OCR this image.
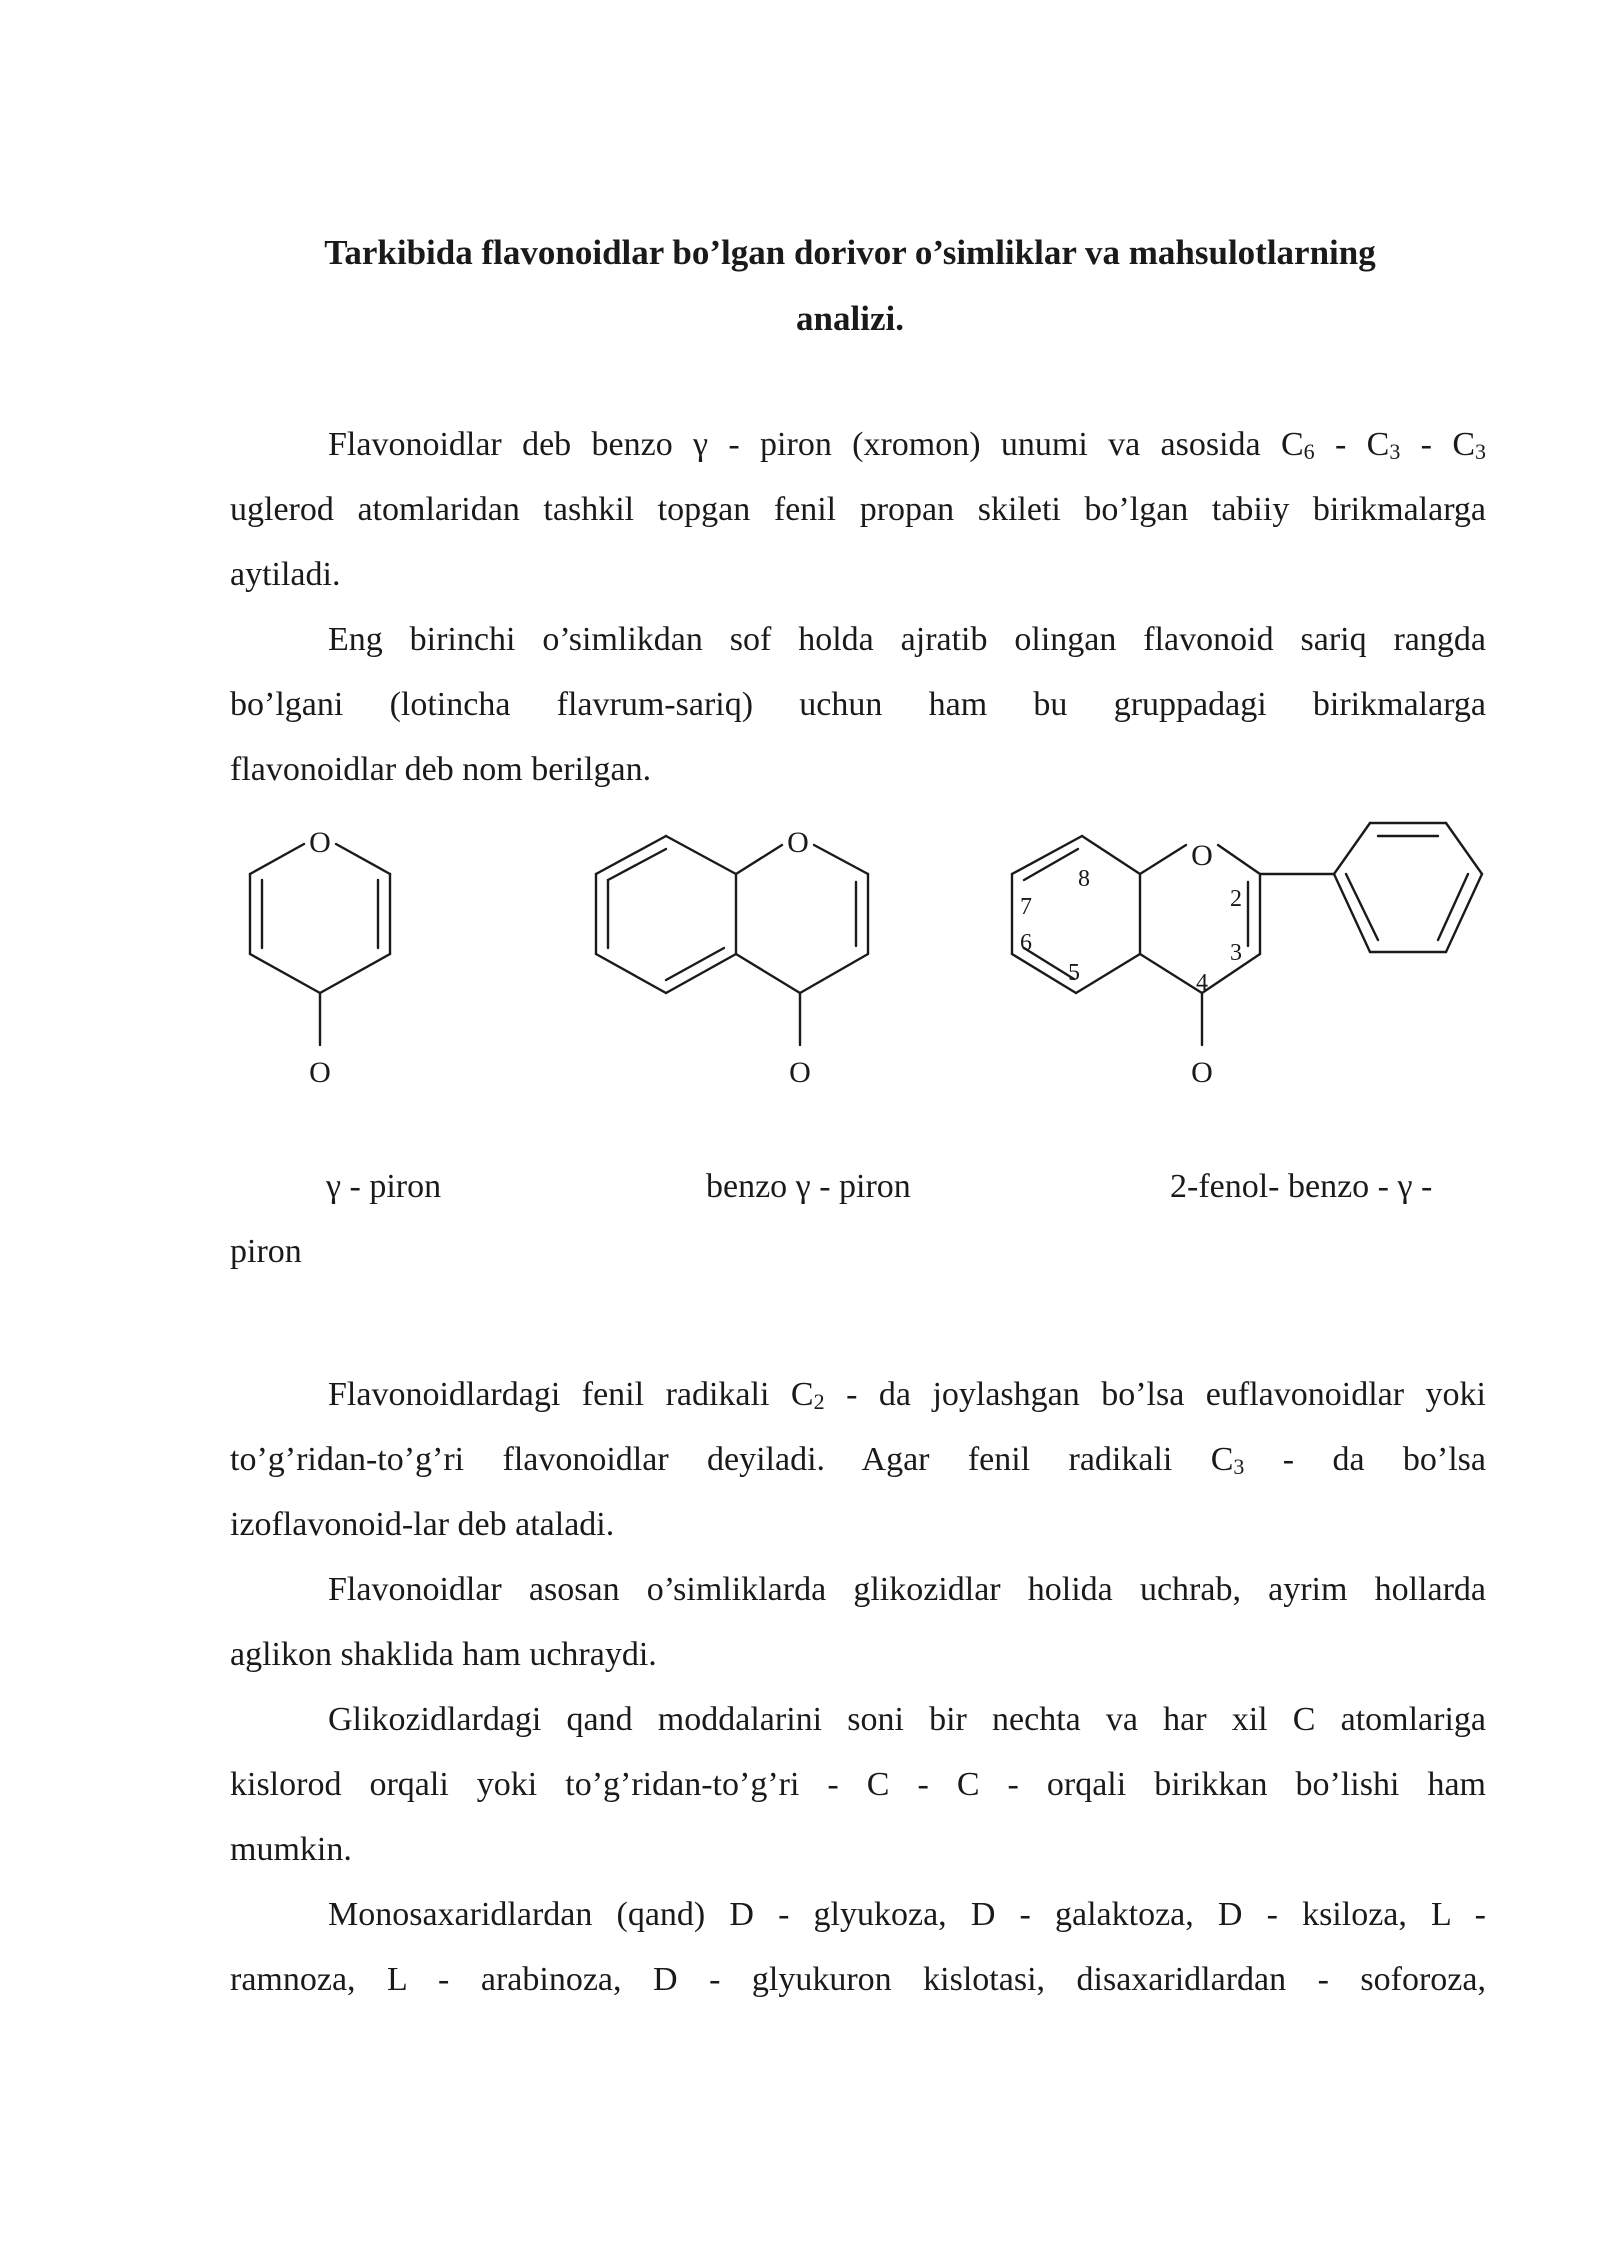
Tarkibida flavonoidlar bo’lgan dorivor o’simliklar va mahsulotlarning
analizi.
Flavonoidlar deb benzo γ - piron (xromon) unumi va asosida $C_6 - C_3 - C_3$
uglerod atomlaridan tashkil topgan fenil propan skileti bo’lgan tabiiy birikmalarga
aytiladi.
Eng birinchi o’simlikdan sof holda ajratib olingan flavonoid sariq rangda
bo’lgani (lotincha flavrum-sariq) uchun ham bu gruppadagi birikmalarga
flavonoidlar deb nom berilgan.
O
O
O
O
O
O
8
7
6
5	4
3
2
γ - piron	benzo γ - piron	2-fenol- benzo - γ -
piron
Flavonoidlardagi fenil radikali $C_2$ - da joylashgan bo’lsa euflavonoidlar yoki
to’g’ridan-to’g’ri flavonoidlar deyiladi. Agar fenil radikali $C_3$ - da bo’lsa
izoflavonoid-lar deb ataladi.
Flavonoidlar asosan o’simliklarda glikozidlar holida uchrab, ayrim hollarda
aglikon shaklida ham uchraydi.
Glikozidlardagi qand moddalarini soni bir nechta va har xil C atomlariga
kislorod orqali yoki to’g’ridan-to’g’ri - C - C - orqali birikkan bo’lishi ham
mumkin.
Monosaxaridlardan (qand) D - glyukoza, D - galaktoza, D - ksiloza, L -
ramnoza, L - arabinoza, D - glyukuron kislotasi, disaxaridlardan - soforoza,
